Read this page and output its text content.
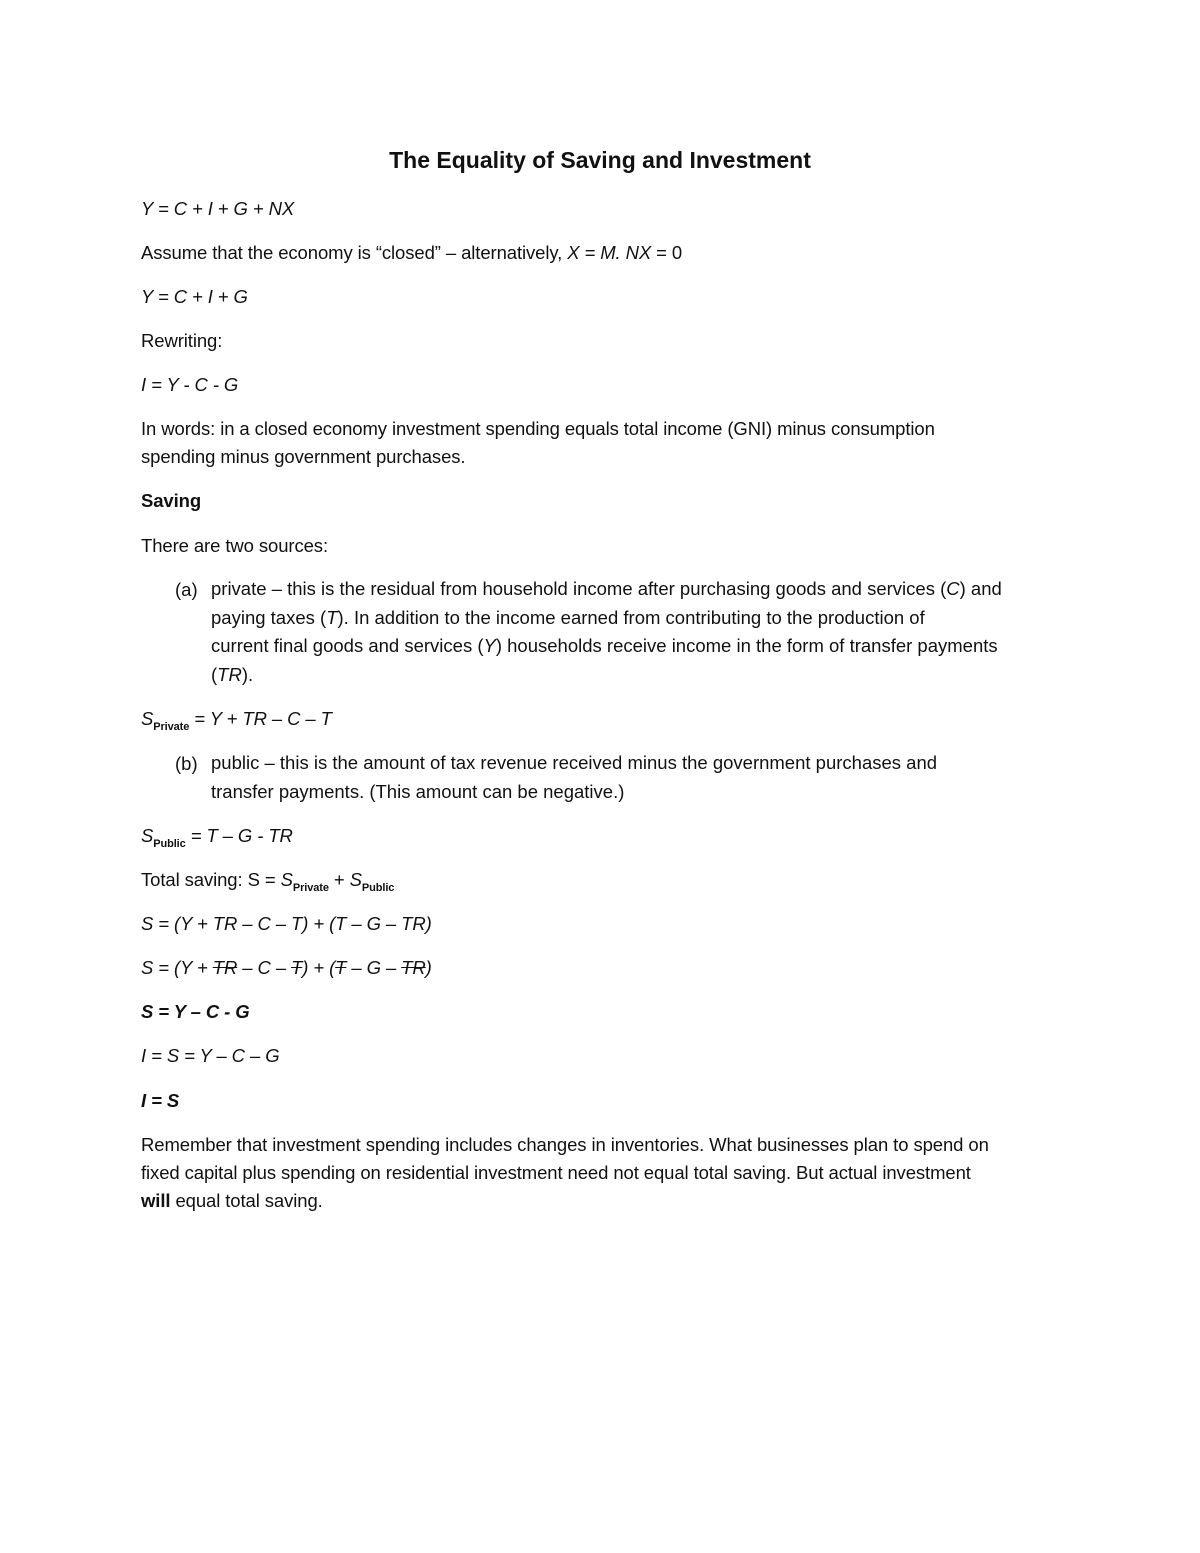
The Equality of Saving and Investment
Y = C + I + G + NX
Assume that the economy is “closed” – alternatively, X = M. NX = 0
Y = C + I + G
Rewriting:
I = Y - C - G
In words: in a closed economy investment spending equals total income (GNI) minus consumption
spending minus government purchases.
Saving
There are two sources:
(a) private – this is the residual from household income after purchasing goods and services (C) and
paying taxes (T). In addition to the income earned from contributing to the production of
current final goods and services (Y) households receive income in the form of transfer payments
(TR).
$S_{Private} = Y$ + TR – C – T
(b) public – this is the amount of tax revenue received minus the government purchases and
transfer payments. (This amount can be negative.)
$S_{Public} = T - G$ - TR
Total saving: $S = S_{Private} + S_{Public}$
S = (Y + TR – C – T) + (T – G – TR)
S = (Y + TR – C – T) + (T – G – TR)
S = Y – C - G
I = S = Y – C – G
I = S
Remember that investment spending includes changes in inventories. What businesses plan to spend on
fixed capital plus spending on residential investment need not equal total saving. But actual investment
will equal total saving.
